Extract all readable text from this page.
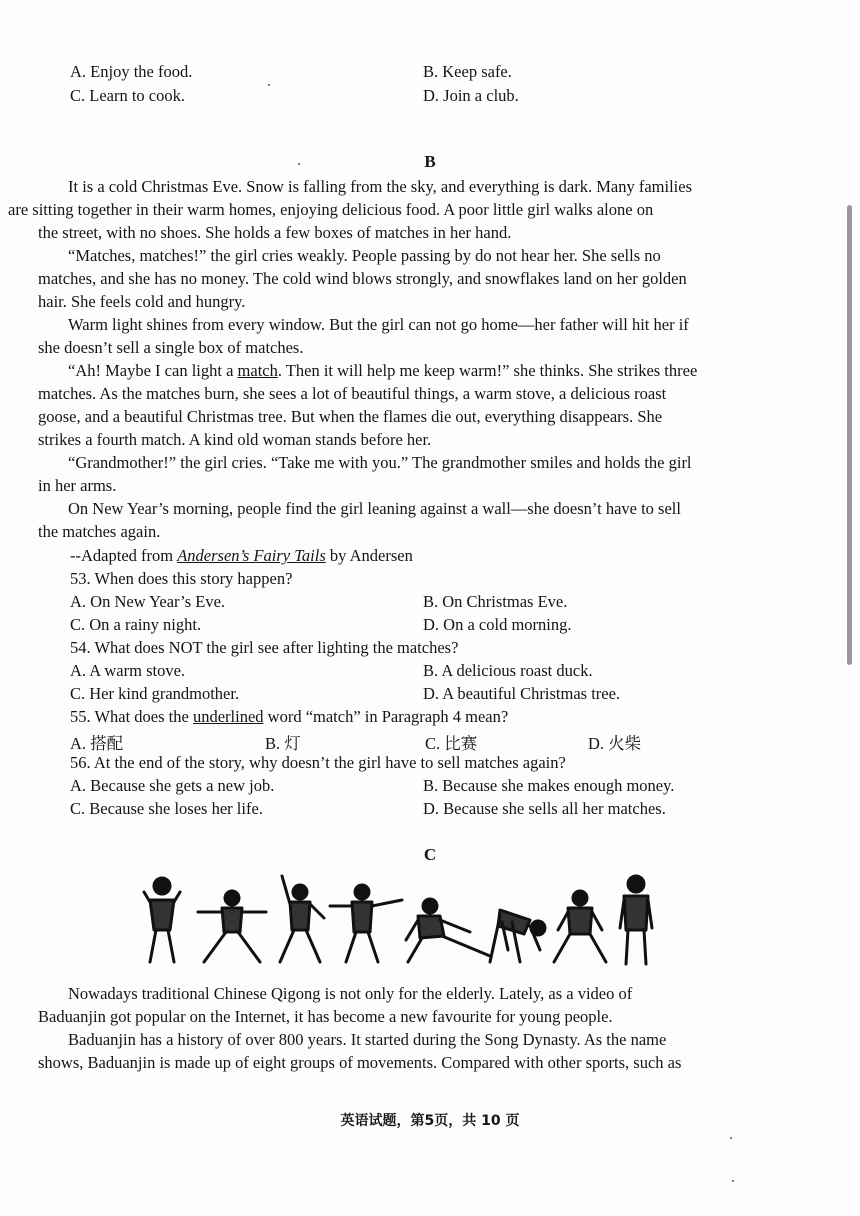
A. Enjoy the food.	B. Keep safe.
C. Learn to cook.	D. Join a club.
B
It is a cold Christmas Eve. Snow is falling from the sky, and everything is dark. Many families
are sitting together in their warm homes, enjoying delicious food. A poor little girl walks alone on
the street, with no shoes. She holds a few boxes of matches in her hand.
“Matches, matches!” the girl cries weakly. People passing by do not hear her. She sells no
matches, and she has no money. The cold wind blows strongly, and snowflakes land on her golden
hair. She feels cold and hungry.
Warm light shines from every window. But the girl can not go home—her father will hit her if
she doesn’t sell a single box of matches.
“Ah! Maybe I can light a match. Then it will help me keep warm!” she thinks. She strikes three
matches. As the matches burn, she sees a lot of beautiful things, a warm stove, a delicious roast
goose, and a beautiful Christmas tree. But when the flames die out, everything disappears. She
strikes a fourth match. A kind old woman stands before her.
“Grandmother!” the girl cries. “Take me with you.” The grandmother smiles and holds the girl
in her arms.
On New Year’s morning, people find the girl leaning against a wall—she doesn’t have to sell
the matches again.
--Adapted from Andersen’s Fairy Tails by Andersen
53. When does this story happen?
A. On New Year’s Eve.	B. On Christmas Eve.
C. On a rainy night.	D. On a cold morning.
54. What does NOT the girl see after lighting the matches?
A. A warm stove.	B. A delicious roast duck.
C. Her kind grandmother.	D. A beautiful Christmas tree.
55. What does the underlined word “match” in Paragraph 4 mean?
A. 搭配	B. 灯	C. 比赛	D. 火柴
56. At the end of the story, why doesn’t the girl have to sell matches again?
A. Because she gets a new job.	B. Because she makes enough money.
C. Because she loses her life.	D. Because she sells all her matches.
C
Nowadays traditional Chinese Qigong is not only for the elderly. Lately, as a video of
Baduanjin got popular on the Internet, it has become a new favourite for young people.
Baduanjin has a history of over 800 years. It started during the Song Dynasty. As the name
shows, Baduanjin is made up of eight groups of movements. Compared with other sports, such as
英语试题，第5页，共 10 页
